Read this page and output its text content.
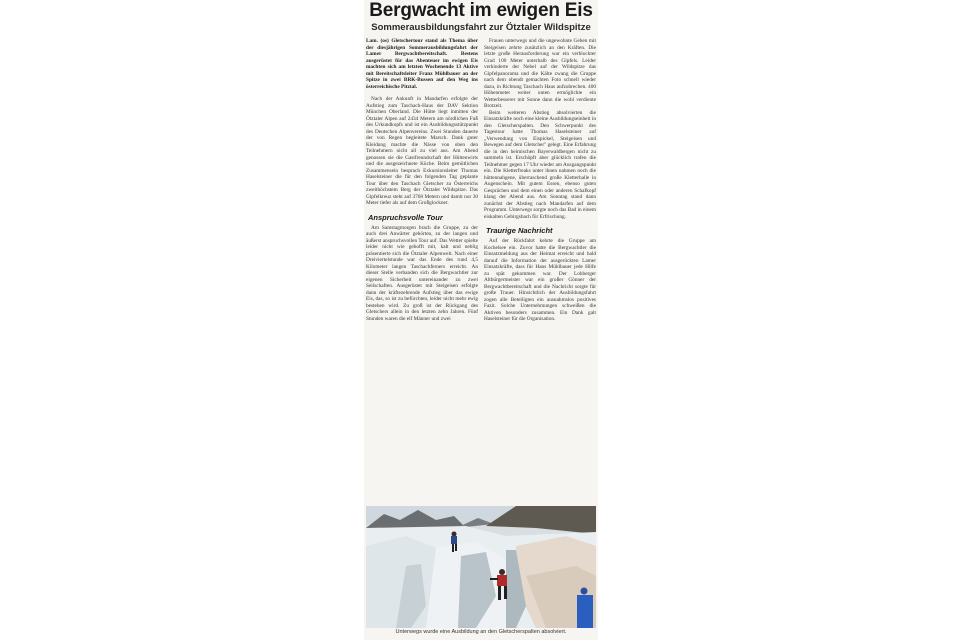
Bergwacht im ewigen Eis
Sommerausbildungsfahrt zur Ötztaler Wildspitze

Lam. (os) Gletschertour stand als Thema über der diesjährigen Sommerausbildungsfahrt der Lamer Bergwachtbereitschaft. Bestens ausgerüstet für das Abenteuer im ewigen Eis machten sich am letzten Wochenende 13 Aktive mit Bereitschaftsleiter Franz Mühlbauer an der Spitze in zwei BRK-Bussen auf den Weg ins österreichische Pitztal.

Nach der Ankunft in Mandarfen erfolgte der Aufstieg zum Taschach-Haus der DAV Sektion München Oberland. Die Hütte liegt inmitten der Ötztaler Alpen auf 2434 Metern am nördlichen Fuß des Urkundkopfs und ist ein Ausbildungsstützpunkt des Deutschen Alpenvereins. Zwei Stunden dauerte der von Regen begleitete Marsch. Dank guter Kleidung machte die Nässe von oben den Teilnehmern nicht all zu viel aus. Am Abend genossen sie die Gastfreundschaft der Hüttenwirts und die ausgezeichnete Küche. Beim gemütlichen Zusammensein besprach Exkursionsleiter Thomas Haselsteiner die für den folgenden Tag geplante Tour über den Taschach Gletscher zu Österreichs zweithöchstem Berg der Ötztaler Wildspitze. Das Gipfelkreuz steht auf 3768 Metern und damit nur 30 Meter tiefer als auf dem Großglockner.

Anspruchsvolle Tour

Am Samstagmorgen brach die Gruppe, zu der auch drei Anwärter gehörten, zu der langen und äußerst anspruchsvollen Tour auf. Das Wetter spielte leider nicht wie gehofft mit, kalt und neblig präsentierte sich die Ötztaler Alpenwelt. Nach einer Dreiviertelstunde war das Ende des rund 4,5 Kilometer langen Taschachferners erreicht. An dieser Stelle verbanden sich die Bergwachtler zur eigenen Sicherheit untereinander zu zwei Seilschaften. Ausgerüstet mit Steigeisen erfolgte dann der kräftezehrende Aufstieg über das ewige Eis, das, so ist zu befürchten, leider nicht mehr ewig bestehen wird. Zu groß ist der Rückgang des Gletschers allein in den letzten zehn Jahren. Fünf Stunden waren die elf Männer und zwei

Frauen unterwegs und die ungewohnte Gehen mit Steigeisen zehrte zusätzlich an den Kräften. Die letzte große Herausforderung war ein verblockter Grad 100 Meter unterhalb des Gipfels. Leider verhinderte der Nebel auf der Wildspitze das Gipfelpanorama und die Kälte zwang die Gruppe nach dem obendt gemachten Foto schnell wieder dazu, in Richtung Taschach Haus aufzubrechen. 400 Höhenmeter weiter unten ermöglichte ein Wetterbesserer mit Sonne dann die wohl verdiente Brotzeit.

Beim weiteren Abstieg absolvierten die Einsatzkräfte noch eine kleine Ausbildungseinheit in den Gletscherspalten. Den Schwerpunkt des Tagestour hatte Thomas Haselsteiner auf „Verwendung von Eispickel, Steigeisen und Bewegen auf dem Gletscher" gelegt. Eine Erfahrung die in den heimischen Bayerwaldbergen nicht zu sammeln ist. Erschöpft aber glücklich trafen die Teilnehmer gegen 17 Uhr wieder am Ausgangspunkt ein. Die Kletterfreaks unter ihnen nahmen noch die hüttennahgene, überraschend große Kletterhalle in Augenschein. Mit gutem Essen, ebenso guten Gesprächen und dem einen oder anderen Schafkopf klang der Abend aus. Am Sonntag stand dann zunächst der Abstieg nach Mandarfen auf dem Programm. Unterwegs sorgte noch das Bad in einem eiskalten Gebirgsbach für Erfrischung.

Traurige Nachricht

Auf der Rückfahrt kehrte die Gruppe am Kochelsee ein. Zuvor hatte die Bergwachtler die Einsatzmeldung aus der Heimat erreicht und bald darauf die Information der ausgerückten Lamer Einsatzkräfte, dass für Hans Mühlbauer jede Hilfe zu spät gekommen war. Der Lohberger Altbürgermeister war ein großer Gönner der Bergwachtbereitschaft und die Nachricht sorgte für große Trauer. Hinsichtlich der Ausbildungsfahrt zogen alle Beteiligten ein ausnahmslos positives Fazit. Solche Unternehmungen schweißen die Aktiven besonders zusammen. Ein Dank galt Haselsteiner für die Organisation.

Unterwegs wurde eine Ausbildung an den Gletscherspalten absolviert.
